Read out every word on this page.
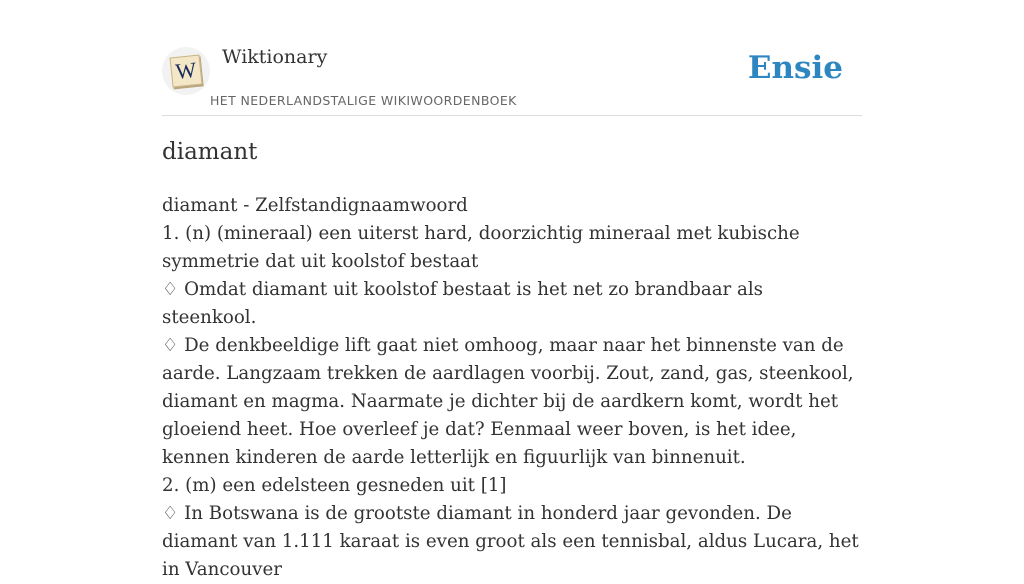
W Wiktionary
HET NEDERLANDSTALIGE WIKIWOORDENBOEK
Ensie
diamant

diamant - Zelfstandignaamwoord

1. (n) (mineraal) een uiterst hard, doorzichtig mineraal met kubische symmetrie dat uit koolstof bestaat

♢ Omdat diamant uit koolstof bestaat is het net zo brandbaar als steenkool.

♢ De denkbeeldige lift gaat niet omhoog, maar naar het binnenste van de aarde. Langzaam trekken de aardlagen voorbij. Zout, zand, gas, steenkool, diamant en magma. Naarmate je dichter bij de aardkern komt, wordt het gloeiend heet. Hoe overleef je dat? Eenmaal weer boven, is het idee, kennen kinderen de aarde letterlijk en figuurlijk van binnenuit.

2. (m) een edelsteen gesneden uit [1]

♢ In Botswana is de grootste diamant in honderd jaar gevonden. De diamant van 1.111 karaat is even groot als een tennisbal, aldus Lucara, het in Vancouver
